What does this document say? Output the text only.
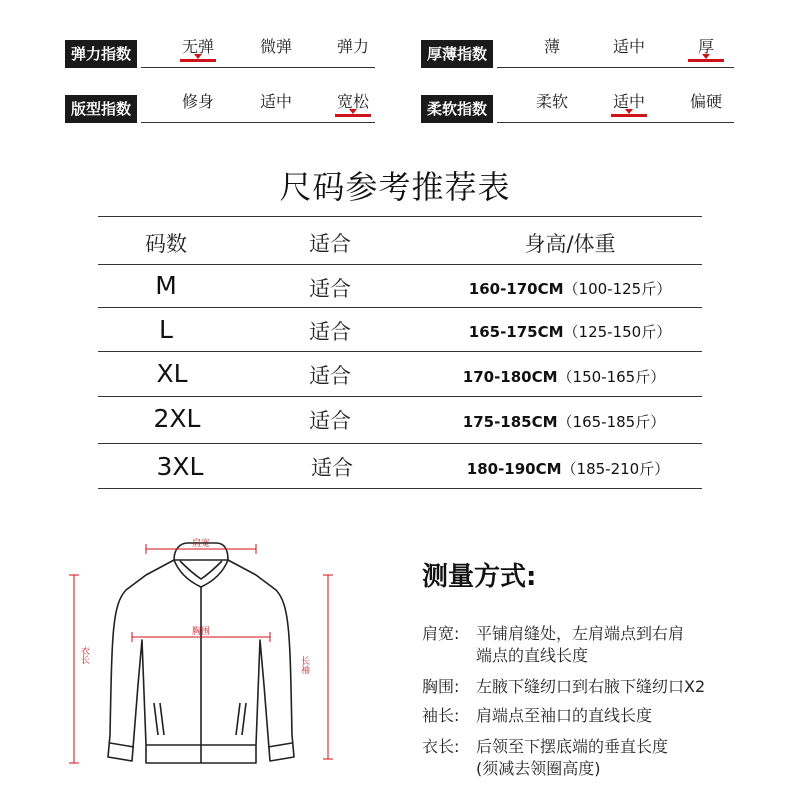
弹力指数	无弹	微弹	弹力	厚薄指数	薄	适中	厚
版型指数	修身	适中	宽松	柔软指数	柔软	适中	偏硬
尺码参考推荐表
码数	适合	身高/体重
M	适合	160-170CM（100-125斤）
L	适合	165-175CM（125-150斤）
XL	适合	170-180CM（150-165斤）
2XL	适合	175-185CM（165-185斤）
3XL	适合	180-190CM（185-210斤）
肩宽
胸围
衣长
长袖
测量方式:
肩宽: 平铺肩缝处，左肩端点到右肩
端点的直线长度
胸围: 左腋下缝纫口到右腋下缝纫口X2
袖长: 肩端点至袖口的直线长度
衣长: 后领至下摆底端的垂直长度
(须减去领圈高度)
